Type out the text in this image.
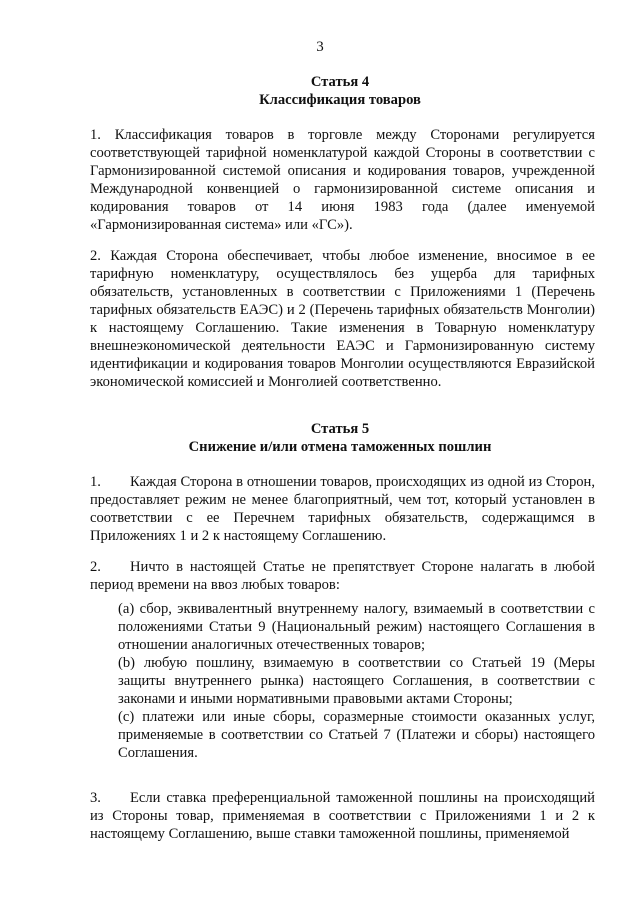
3
Статья 4
Классификация товаров
1. Классификация товаров в торговле между Сторонами регулируется соответствующей тарифной номенклатурой каждой Стороны в соответствии с Гармонизированной системой описания и кодирования товаров, учрежденной Международной конвенцией о гармонизированной системе описания и кодирования товаров от 14 июня 1983 года (далее именуемой «Гармонизированная система» или «ГС»).
2. Каждая Сторона обеспечивает, чтобы любое изменение, вносимое в ее тарифную номенклатуру, осуществлялось без ущерба для тарифных обязательств, установленных в соответствии с Приложениями 1 (Перечень тарифных обязательств ЕАЭС) и 2 (Перечень тарифных обязательств Монголии) к настоящему Соглашению. Такие изменения в Товарную номенклатуру внешнеэкономической деятельности ЕАЭС и Гармонизированную систему идентификации и кодирования товаров Монголии осуществляются Евразийской экономической комиссией и Монголией соответственно.
Статья 5
Снижение и/или отмена таможенных пошлин
1. Каждая Сторона в отношении товаров, происходящих из одной из Сторон, предоставляет режим не менее благоприятный, чем тот, который установлен в соответствии с ее Перечнем тарифных обязательств, содержащимся в Приложениях 1 и 2 к настоящему Соглашению.
2. Ничто в настоящей Статье не препятствует Стороне налагать в любой период времени на ввоз любых товаров:

(a) сбор, эквивалентный внутреннему налогу, взимаемый в соответствии с положениями Статьи 9 (Национальный режим) настоящего Соглашения в отношении аналогичных отечественных товаров;

(b) любую пошлину, взимаемую в соответствии со Статьей 19 (Меры защиты внутреннего рынка) настоящего Соглашения, в соответствии с законами и иными нормативными правовыми актами Стороны;

(c) платежи или иные сборы, соразмерные стоимости оказанных услуг, применяемые в соответствии со Статьей 7 (Платежи и сборы) настоящего Соглашения.

3. Если ставка преференциальной таможенной пошлины на происходящий из Стороны товар, применяемая в соответствии с Приложениями 1 и 2 к настоящему Соглашению, выше ставки таможенной пошлины, применяемой
